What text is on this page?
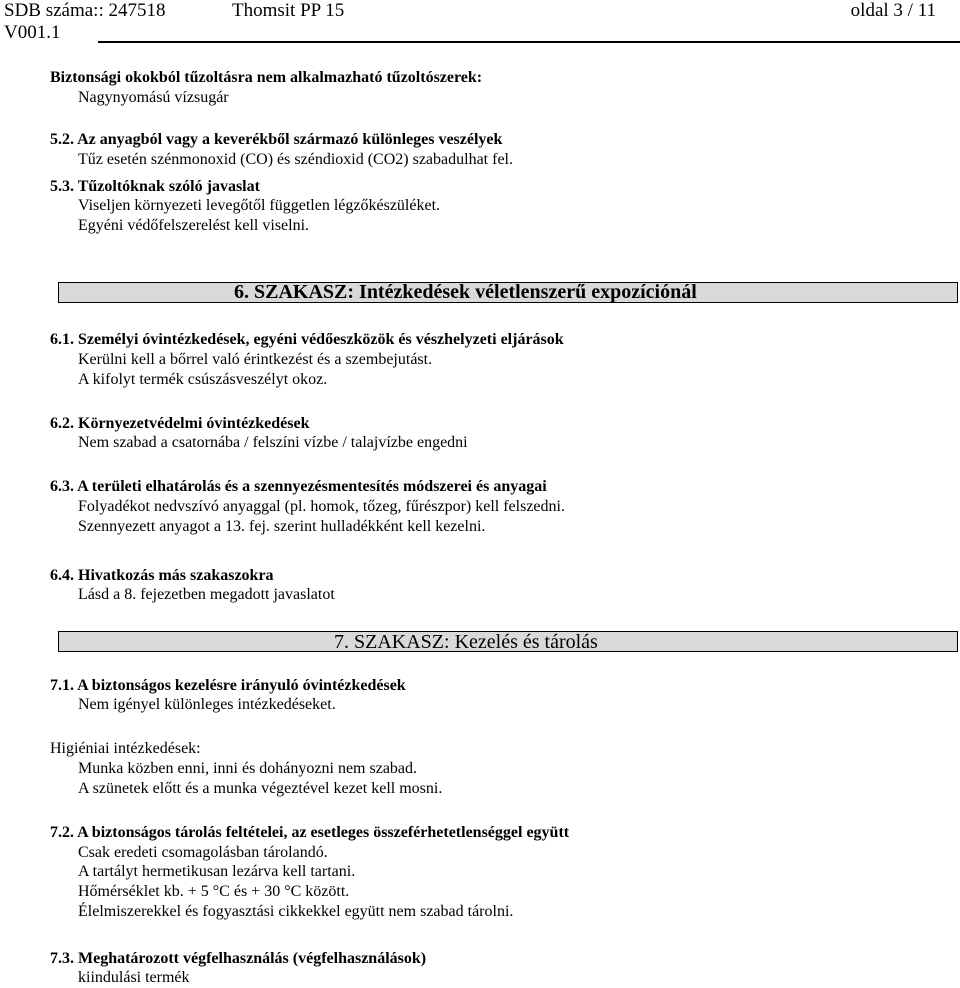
SDB száma:: 247518
V001.1
Thomsit PP 15	oldal 3 / 11
Biztonsági okokból tűzoltásra nem alkalmazható tűzoltószerek:
Nagynyomású vízsugár
5.2. Az anyagból vagy a keverékből származó különleges veszélyek
Tűz esetén szénmonoxid (CO) és széndioxid (CO2) szabadulhat fel.
5.3. Tűzoltóknak szóló javaslat
Viseljen környezeti levegőtől független légzőkészüléket.
Egyéni védőfelszerelést kell viselni.
6. SZAKASZ: Intézkedések véletlenszerű expozíciónál
6.1. Személyi óvintézkedések, egyéni védőeszközök és vészhelyzeti eljárások
Kerülni kell a bőrrel való érintkezést és a szembejutást.
A kifolyt termék csúszásveszélyt okoz.
6.2. Környezetvédelmi óvintézkedések
Nem szabad a csatornába / felszíni vízbe / talajvízbe engedni
6.3. A területi elhatárolás és a szennyezésmentesítés módszerei és anyagai
Folyadékot nedvszívó anyaggal (pl. homok, tőzeg, fűrészpor) kell felszedni.
Szennyezett anyagot a 13. fej. szerint hulladékként kell kezelni.
6.4. Hivatkozás más szakaszokra
Lásd a 8. fejezetben megadott javaslatot
7. SZAKASZ: Kezelés és tárolás
7.1. A biztonságos kezelésre irányuló óvintézkedések
Nem igényel különleges intézkedéseket.
Higiéniai intézkedések:
Munka közben enni, inni és dohányozni nem szabad.
A szünetek előtt és a munka végeztével kezet kell mosni.
7.2. A biztonságos tárolás feltételei, az esetleges összeférhetetlenséggel együtt
Csak eredeti csomagolásban tárolandó.
A tartályt hermetikusan lezárva kell tartani.
Hőmérséklet kb. + 5 °C és + 30 °C között.
Élelmiszerekkel és fogyasztási cikkekkel együtt nem szabad tárolni.
7.3. Meghatározott végfelhasználás (végfelhasználások)
kiindulási termék
